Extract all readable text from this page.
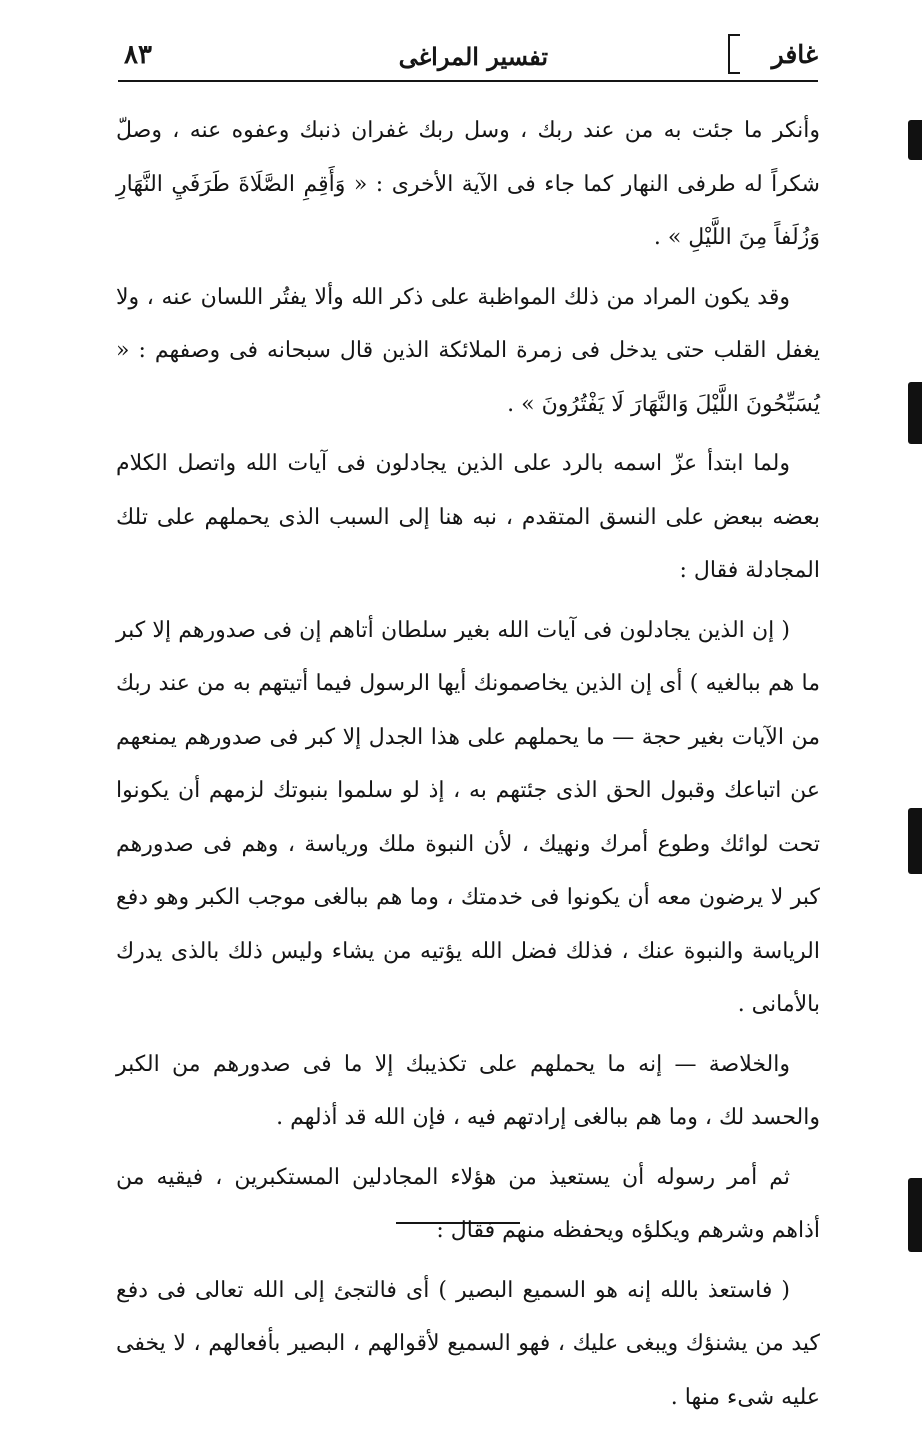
غافر
تفسير المراغى
٨٣

وأنكر ما جئت به من عند ربك ، وسل ربك غفران ذنبك وعفوه عنه ، وصلّ شكراً له طرفى النهار كما جاء فى الآية الأخرى : « وَأَقِمِ الصَّلَاةَ طَرَفَيِ النَّهَارِ وَزُلَفاً مِنَ اللَّيْلِ » .

وقد يكون المراد من ذلك المواظبة على ذكر الله وألا يفتُر اللسان عنه ، ولا يغفل القلب حتى يدخل فى زمرة الملائكة الذين قال سبحانه فى وصفهم : « يُسَبِّحُونَ اللَّيْلَ وَالنَّهَارَ لَا يَفْتُرُونَ » .

ولما ابتدأ عزّ اسمه بالرد على الذين يجادلون فى آيات الله واتصل الكلام بعضه ببعض على النسق المتقدم ، نبه هنا إلى السبب الذى يحملهم على تلك المجادلة فقال :

( إن الذين يجادلون فى آيات الله بغير سلطان أتاهم إن فى صدورهم إلا كبر ما هم ببالغيه ) أى إن الذين يخاصمونك أيها الرسول فيما أتيتهم به من عند ربك من الآيات بغير حجة — ما يحملهم على هذا الجدل إلا كبر فى صدورهم يمنعهم عن اتباعك وقبول الحق الذى جئتهم به ، إذ لو سلموا بنبوتك لزمهم أن يكونوا تحت لوائك وطوع أمرك ونهيك ، لأن النبوة ملك ورياسة ، وهم فى صدورهم كبر لا يرضون معه أن يكونوا فى خدمتك ، وما هم ببالغى موجب الكبر وهو دفع الرياسة والنبوة عنك ، فذلك فضل الله يؤتيه من يشاء وليس ذلك بالذى يدرك بالأمانى .

والخلاصة — إنه ما يحملهم على تكذيبك إلا ما فى صدورهم من الكبر والحسد لك ، وما هم ببالغى إرادتهم فيه ، فإن الله قد أذلهم .

ثم أمر رسوله أن يستعيذ من هؤلاء المجادلين المستكبرين ، فيقيه من أذاهم وشرهم ويكلؤه ويحفظه منهم فقال :

( فاستعذ بالله إنه هو السميع البصير ) أى فالتجئ إلى الله تعالى فى دفع كيد من يشنؤك ويبغى عليك ، فهو السميع لأقوالهم ، البصير بأفعالهم ، لا يخفى عليه شىء منها .
